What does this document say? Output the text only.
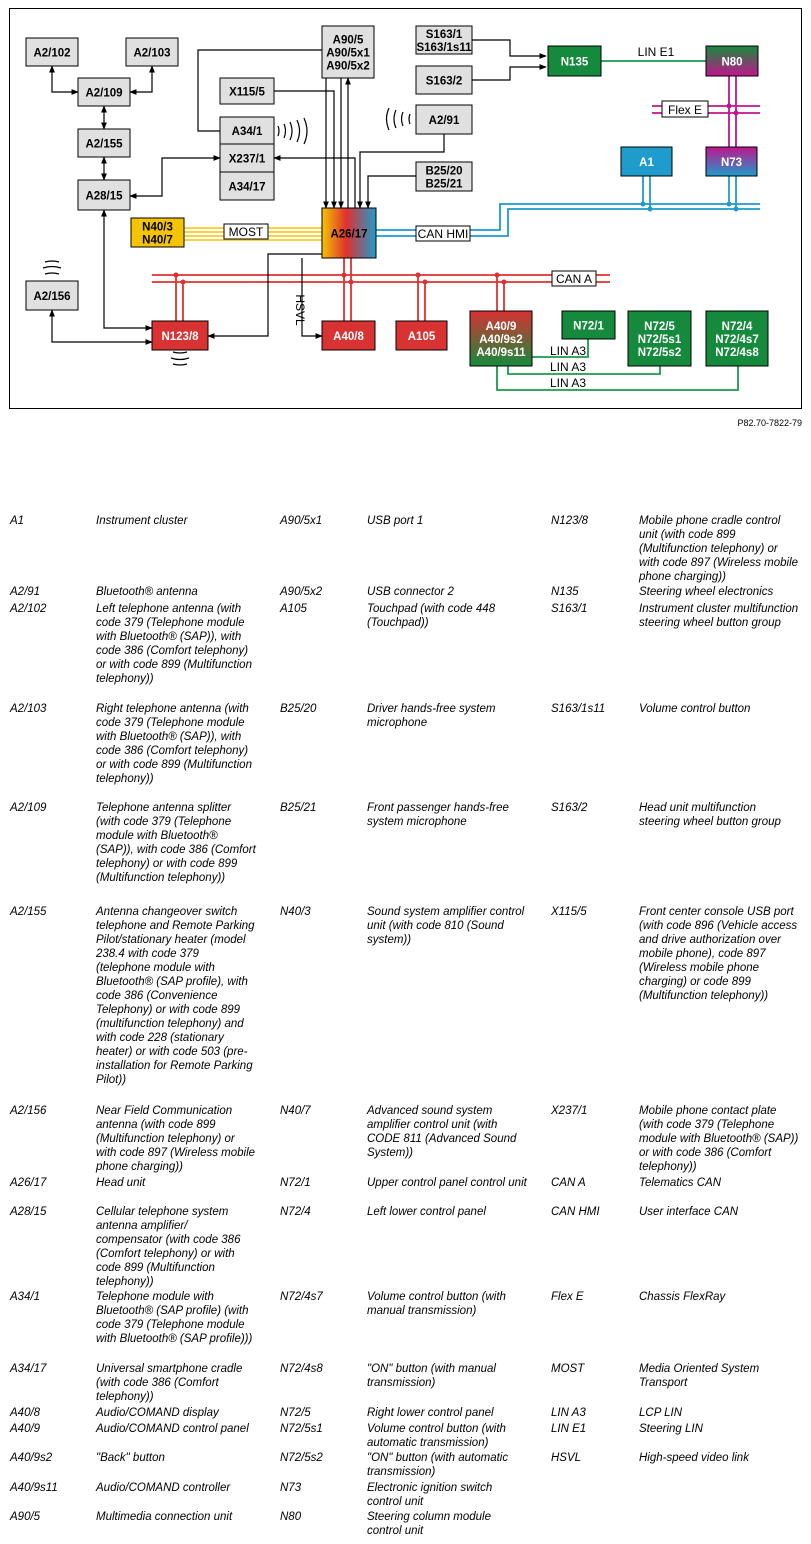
A2/102	A2/103
A2/109
A2/155
A28/15
A90/5
A90/5x1
A90/5x2
X115/5
A34/1
X237/1
A34/17
S163/1
S163/1s11
S163/2
N135	N80
A2/91
B25/20
B25/21
A1	N73
N40/3
N40/7	A26/17
A2/156
N123/8	A40/8	A105
A40/9
A40/9s2
A40/9s11
N72/1	N72/5
N72/5s1
N72/5s2
N72/4
N72/4s7
N72/4s8
MOST	CAN HMI
CAN A
Flex E
LIN E1
LIN A3
LIN A3
LIN A3
HSVL
P82.70-7822-79
A1	Instrument cluster
A2/91	Bluetooth® antenna
A2/102	Left telephone antenna (with code 379 (Telephone module with Bluetooth® (SAP)), with code 386 (Comfort telephony) or with code 899 (Multifunction telephony))
A2/103	Right telephone antenna (with code 379 (Telephone module with Bluetooth® (SAP)), with code 386 (Comfort telephony) or with code 899 (Multifunction telephony))
A2/109	Telephone antenna splitter (with code 379 (Telephone module with Bluetooth® (SAP)), with code 386 (Comfort telephony) or with code 899 (Multifunction telephony))
A2/155	Antenna changeover switch telephone and Remote Parking Pilot/stationary heater (model 238.4 with code 379 (telephone module with Bluetooth® (SAP profile), with code 386 (Convenience Telephony) or with code 899 (multifunction telephony) and with code 228 (stationary heater) or with code 503 (pre-installation for Remote Parking Pilot))
A2/156	Near Field Communication antenna (with code 899 (Multifunction telephony) or with code 897 (Wireless mobile phone charging))
A26/17	Head unit
A28/15	Cellular telephone system antenna amplifier/ compensator (with code 386 (Comfort telephony) or with code 899 (Multifunction telephony))
A34/1	Telephone module with Bluetooth® (SAP profile) (with code 379 (Telephone module with Bluetooth® (SAP profile)))
A34/17	Universal smartphone cradle (with code 386 (Comfort telephony))
A40/8	Audio/COMAND display
A40/9	Audio/COMAND control panel
A40/9s2	"Back" button
A40/9s11	Audio/COMAND controller
A90/5	Multimedia connection unit
A90/5x1	USB port 1
A90/5x2	USB connector 2
A105	Touchpad (with code 448 (Touchpad))
B25/20	Driver hands-free system microphone
B25/21	Front passenger hands-free system microphone
N40/3	Sound system amplifier control unit (with code 810 (Sound system))
N40/7	Advanced sound system amplifier control unit (with CODE 811 (Advanced Sound System))
N72/1	Upper control panel control unit
N72/4	Left lower control panel
N72/4s7	Volume control button (with manual transmission)
N72/4s8	"ON" button (with manual transmission)
N72/5	Right lower control panel
N72/5s1	Volume control button (with automatic transmission)
N72/5s2	"ON" button (with automatic transmission)
N73	Electronic ignition switch control unit
N80	Steering column module control unit
N123/8	Mobile phone cradle control unit (with code 899 (Multifunction telephony) or with code 897 (Wireless mobile phone charging))
N135	Steering wheel electronics
S163/1	Instrument cluster multifunction steering wheel button group
S163/1s11	Volume control button
S163/2	Head unit multifunction steering wheel button group
X115/5	Front center console USB port (with code 896 (Vehicle access and drive authorization over mobile phone), code 897 (Wireless mobile phone charging) or code 899 (Multifunction telephony))
X237/1	Mobile phone contact plate (with code 379 (Telephone module with Bluetooth® (SAP)) or with code 386 (Comfort telephony))
CAN A	Telematics CAN
CAN HMI	User interface CAN
Flex E	Chassis FlexRay
MOST	Media Oriented System Transport
LIN A3	LCP LIN
LIN E1	Steering LIN
HSVL	High-speed video link
